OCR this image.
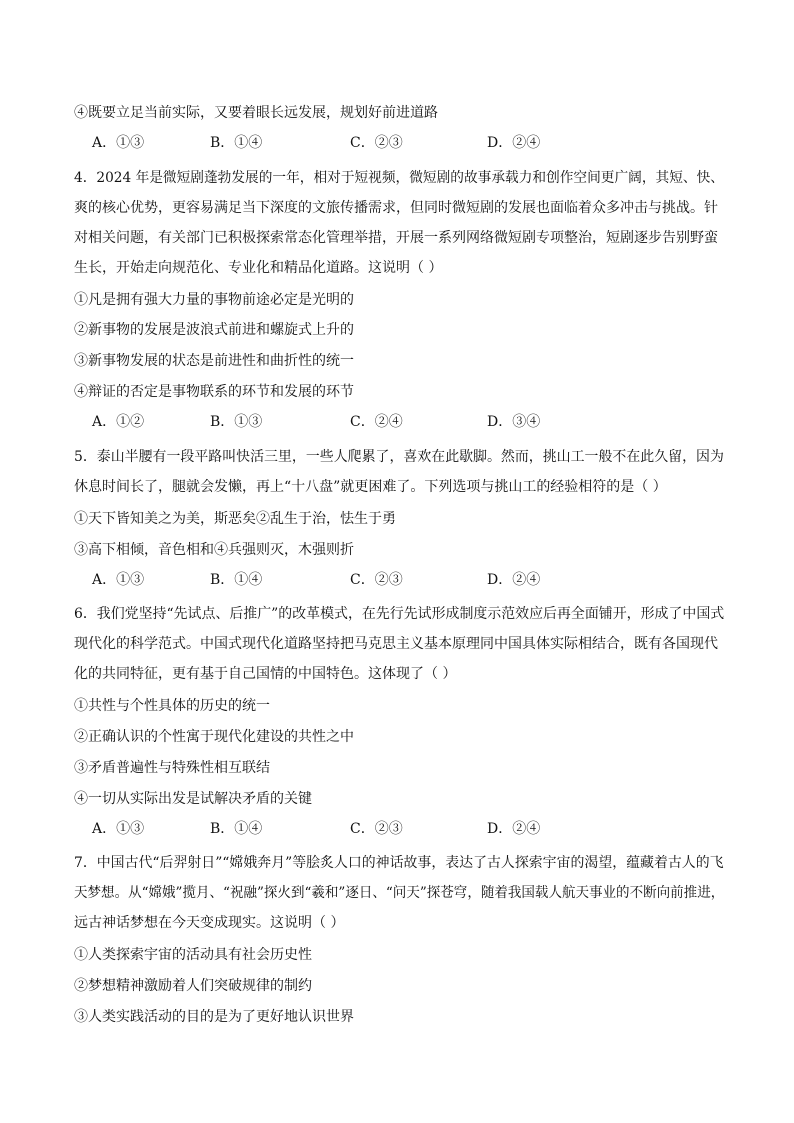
④既要立足当前实际，又要着眼长远发展，规划好前进道路
A．①③	B．①④	C．②③	D．②④
4．2024 年是微短剧蓬勃发展的一年，相对于短视频，微短剧的故事承载力和创作空间更广阔，其短、快、
爽的核心优势，更容易满足当下深度的文旅传播需求，但同时微短剧的发展也面临着众多冲击与挑战。针
对相关问题，有关部门已积极探索常态化管理举措，开展一系列网络微短剧专项整治，短剧逐步告别野蛮
生长，开始走向规范化、专业化和精品化道路。这说明（ ）
①凡是拥有强大力量的事物前途必定是光明的
②新事物的发展是波浪式前进和螺旋式上升的
③新事物发展的状态是前进性和曲折性的统一
④辩证的否定是事物联系的环节和发展的环节
A．①②	B．①③	C．②④	D．③④
5．泰山半腰有一段平路叫快活三里，一些人爬累了，喜欢在此歇脚。然而，挑山工一般不在此久留，因为
休息时间长了，腿就会发懒，再上“十八盘”就更困难了。下列选项与挑山工的经验相符的是（ ）
①天下皆知美之为美，斯恶矣②乱生于治，怯生于勇
③高下相倾，音色相和④兵强则灭，木强则折
A．①③	B．①④	C．②③	D．②④
6．我们党坚持“先试点、后推广”的改革模式，在先行先试形成制度示范效应后再全面铺开，形成了中国式
现代化的科学范式。中国式现代化道路坚持把马克思主义基本原理同中国具体实际相结合，既有各国现代
化的共同特征，更有基于自己国情的中国特色。这体现了（ ）
①共性与个性具体的历史的统一
②正确认识的个性寓于现代化建设的共性之中
③矛盾普遍性与特殊性相互联结
④一切从实际出发是试解决矛盾的关键
A．①③	B．①④	C．②③	D．②④
7．中国古代“后羿射日”“嫦娥奔月”等脍炙人口的神话故事，表达了古人探索宇宙的渴望，蕴藏着古人的飞
天梦想。从“嫦娥”揽月、“祝融”探火到“羲和”逐日、“问天”探苍穹，随着我国载人航天事业的不断向前推进，
远古神话梦想在今天变成现实。这说明（ ）
①人类探索宇宙的活动具有社会历史性
②梦想精神激励着人们突破规律的制约
③人类实践活动的目的是为了更好地认识世界
